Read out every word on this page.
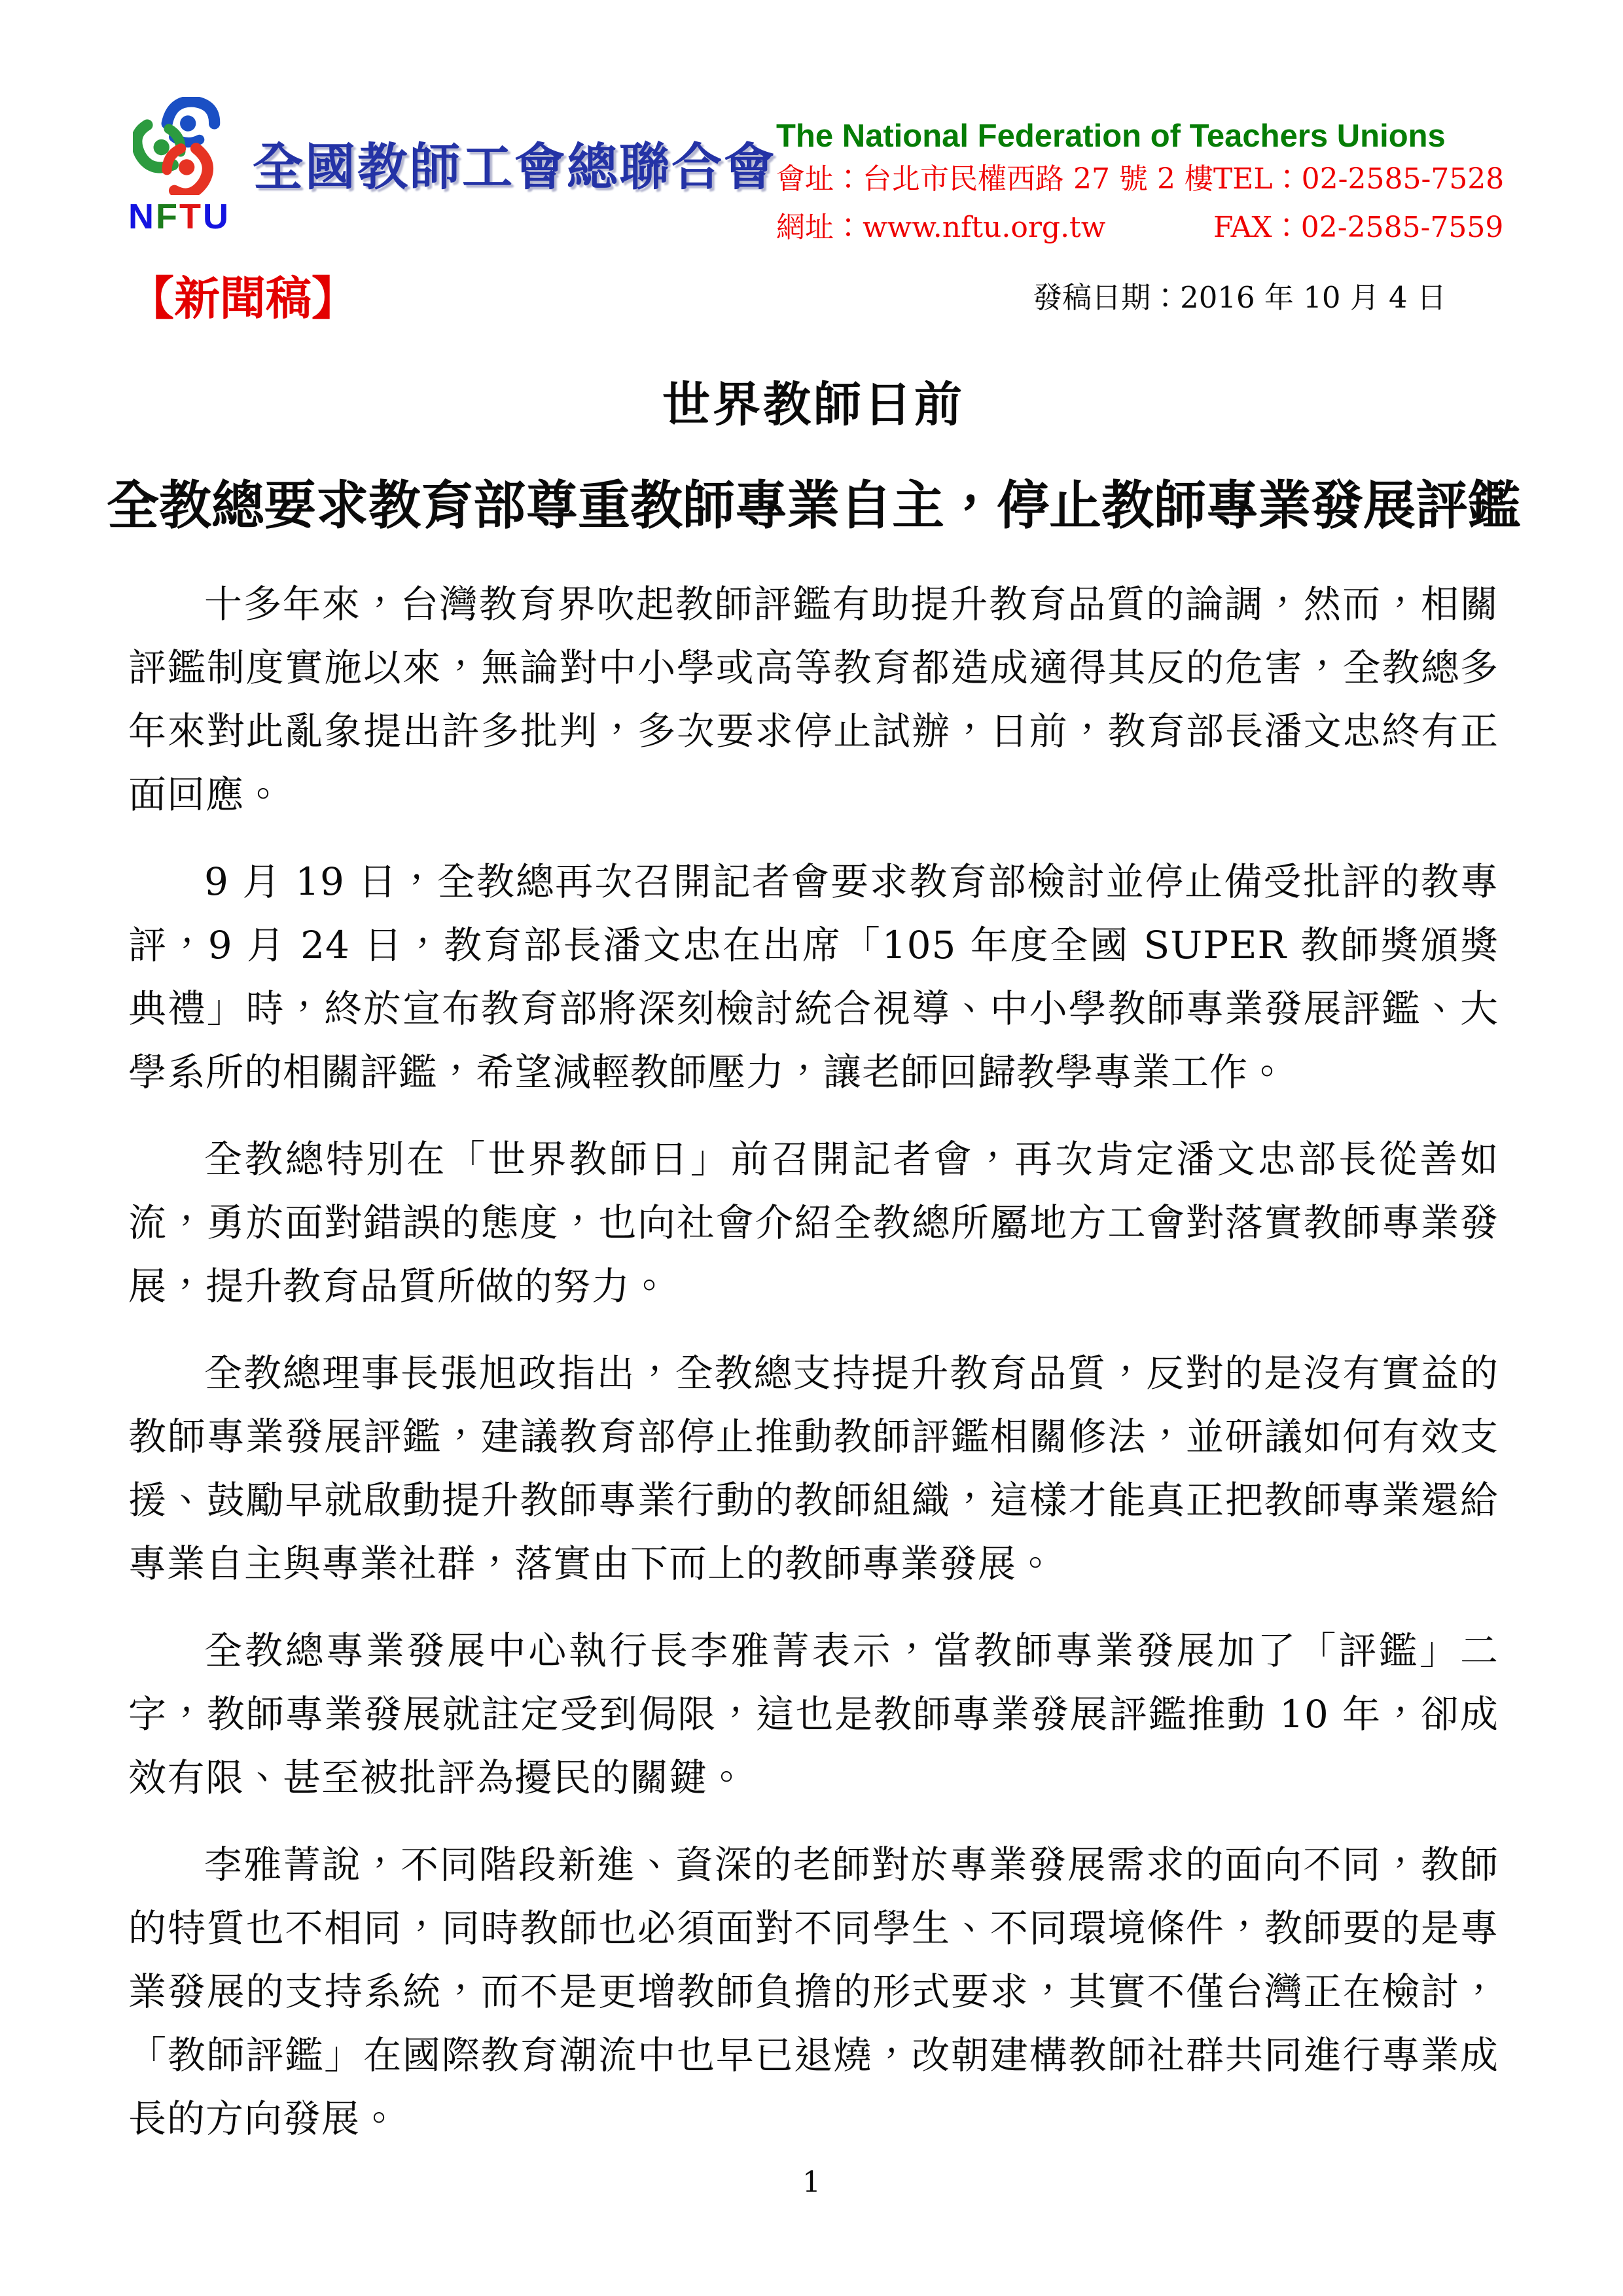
NFTU
全國教師工會總聯合會
The National Federation of Teachers Unions
會址：台北市民權西路 27 號 2 樓 TEL：02-2585-7528
網址：www.nftu.org.tw	FAX：02-2585-7559
【新聞稿】	發稿日期：2016 年 10 月 4 日
世界教師日前
全教總要求教育部尊重教師專業自主，停止教師專業發展評鑑

十多年來，台灣教育界吹起教師評鑑有助提升教育品質的論調，然而，相關評鑑制度實施以來，無論對中小學或高等教育都造成適得其反的危害，全教總多年來對此亂象提出許多批判，多次要求停止試辦，日前，教育部長潘文忠終有正面回應。

9 月 19 日，全教總再次召開記者會要求教育部檢討並停止備受批評的教專評，9 月 24 日，教育部長潘文忠在出席「105 年度全國 SUPER 教師獎頒獎典禮」時，終於宣布教育部將深刻檢討統合視導、中小學教師專業發展評鑑、大學系所的相關評鑑，希望減輕教師壓力，讓老師回歸教學專業工作。

全教總特別在「世界教師日」前召開記者會，再次肯定潘文忠部長從善如流，勇於面對錯誤的態度，也向社會介紹全教總所屬地方工會對落實教師專業發展，提升教育品質所做的努力。

全教總理事長張旭政指出，全教總支持提升教育品質，反對的是沒有實益的教師專業發展評鑑，建議教育部停止推動教師評鑑相關修法，並研議如何有效支援、鼓勵早就啟動提升教師專業行動的教師組織，這樣才能真正把教師專業還給專業自主與專業社群，落實由下而上的教師專業發展。

全教總專業發展中心執行長李雅菁表示，當教師專業發展加了「評鑑」二字，教師專業發展就註定受到侷限，這也是教師專業發展評鑑推動 10 年，卻成效有限、甚至被批評為擾民的關鍵。

李雅菁說，不同階段新進、資深的老師對於專業發展需求的面向不同，教師的特質也不相同，同時教師也必須面對不同學生、不同環境條件，教師要的是專業發展的支持系統，而不是更增教師負擔的形式要求，其實不僅台灣正在檢討，「教師評鑑」在國際教育潮流中也早已退燒，改朝建構教師社群共同進行專業成長的方向發展。

1
